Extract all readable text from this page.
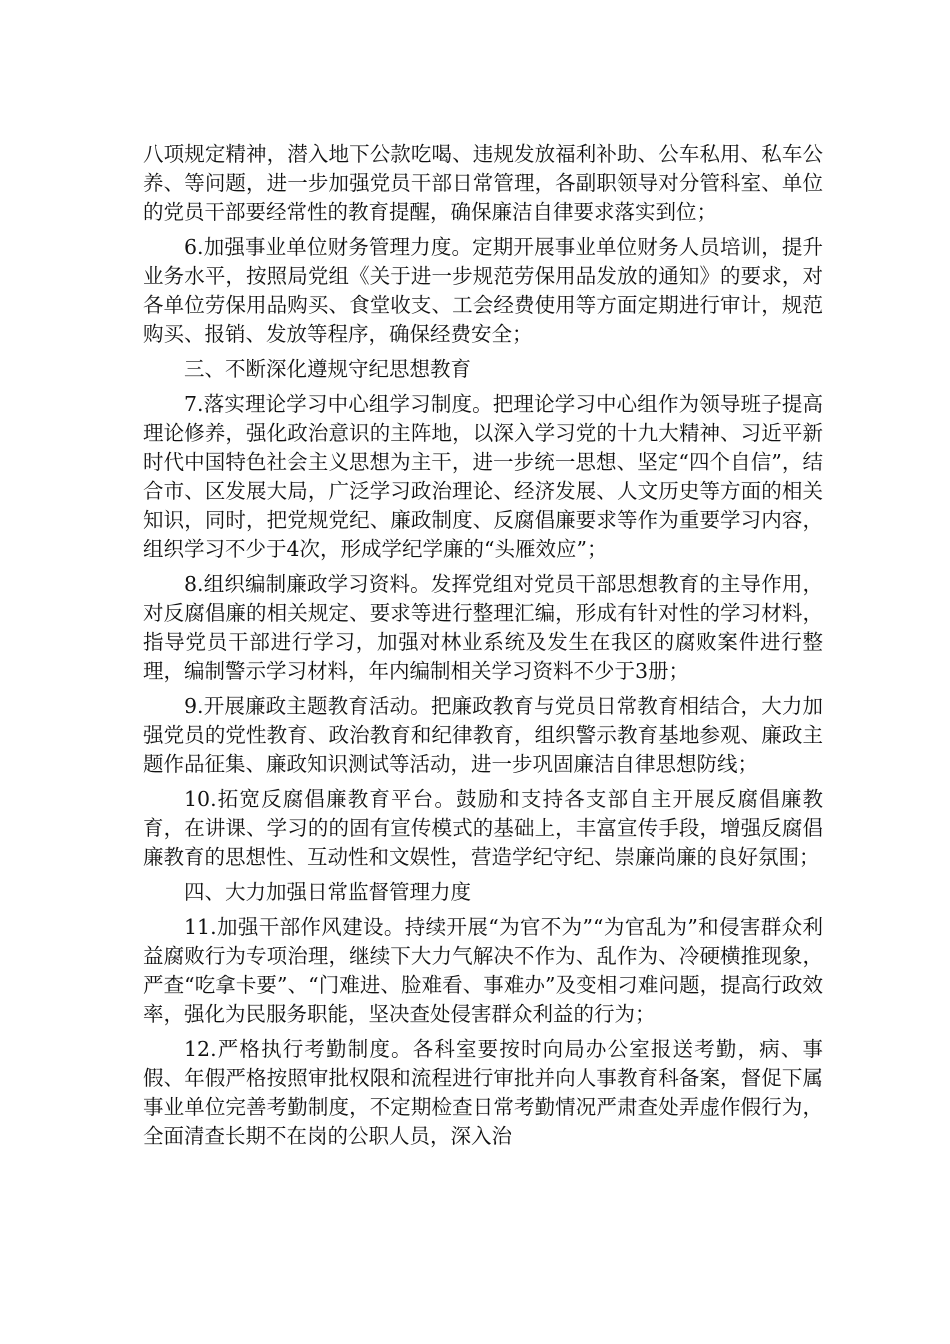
八项规定精神，潜入地下公款吃喝、违规发放福利补助、公车私用、私车公养、等问题，进一步加强党员干部日常管理，各副职领导对分管科室、单位的党员干部要经常性的教育提醒，确保廉洁自律要求落实到位；

6.加强事业单位财务管理力度。定期开展事业单位财务人员培训，提升业务水平，按照局党组《关于进一步规范劳保用品发放的通知》的要求，对各单位劳保用品购买、食堂收支、工会经费使用等方面定期进行审计，规范购买、报销、发放等程序，确保经费安全；

三、不断深化遵规守纪思想教育

7.落实理论学习中心组学习制度。把理论学习中心组作为领导班子提高理论修养，强化政治意识的主阵地，以深入学习党的十九大精神、习近平新时代中国特色社会主义思想为主干，进一步统一思想、坚定“四个自信”，结合市、区发展大局，广泛学习政治理论、经济发展、人文历史等方面的相关知识，同时，把党规党纪、廉政制度、反腐倡廉要求等作为重要学习内容，组织学习不少于4次，形成学纪学廉的“头雁效应”；

8.组织编制廉政学习资料。发挥党组对党员干部思想教育的主导作用，对反腐倡廉的相关规定、要求等进行整理汇编，形成有针对性的学习材料，指导党员干部进行学习，加强对林业系统及发生在我区的腐败案件进行整理，编制警示学习材料，年内编制相关学习资料不少于3册；

9.开展廉政主题教育活动。把廉政教育与党员日常教育相结合，大力加强党员的党性教育、政治教育和纪律教育，组织警示教育基地参观、廉政主题作品征集、廉政知识测试等活动，进一步巩固廉洁自律思想防线；

10.拓宽反腐倡廉教育平台。鼓励和支持各支部自主开展反腐倡廉教育，在讲课、学习的的固有宣传模式的基础上，丰富宣传手段，增强反腐倡廉教育的思想性、互动性和文娱性，营造学纪守纪、崇廉尚廉的良好氛围；

四、大力加强日常监督管理力度

11.加强干部作风建设。持续开展“为官不为”“为官乱为”和侵害群众利益腐败行为专项治理，继续下大力气解决不作为、乱作为、冷硬横推现象，严查“吃拿卡要”、“门难进、脸难看、事难办”及变相刁难问题，提高行政效率，强化为民服务职能，坚决查处侵害群众利益的行为；

12.严格执行考勤制度。各科室要按时向局办公室报送考勤，病、事假、年假严格按照审批权限和流程进行审批并向人事教育科备案，督促下属事业单位完善考勤制度，不定期检查日常考勤情况严肃查处弄虚作假行为，全面清查长期不在岗的公职人员，深入治
